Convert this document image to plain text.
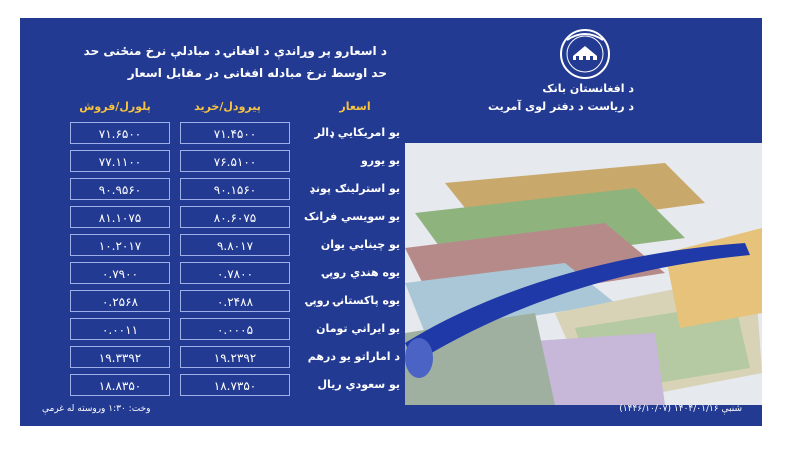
د اسعارو پر وړاندې د افغانۍ د مبادلې نرخ منځنی حد
حد اوسط نرخ مبادله افغانی در مقابل اسعار
اسعار
پیرودل/خرید
پلورل/فروش
یو امریکایي ډالر
۷۱.۴۵۰۰
۷۱.۶۵۰۰
یو یورو
۷۶.۵۱۰۰
۷۷.۱۱۰۰
یو استرلینګ پونډ
۹۰.۱۵۶۰
۹۰.۹۵۶۰
یو سویسي فرانک
۸۰.۶۰۷۵
۸۱.۱۰۷۵
یو چینایي یوان
۹.۸۰۱۷
۱۰.۲۰۱۷
یوه هندي روپۍ
۰.۷۸۰۰
۰.۷۹۰۰
یوه پاکستانۍ روپۍ
۰.۲۴۸۸
۰.۲۵۶۸
یو ایراني تومان
۰.۰۰۰۵
۰.۰۰۱۱
د اماراتو یو درهم
۱۹.۲۳۹۲
۱۹.۳۳۹۲
یو سعودي ریال
۱۸.۷۳۵۰
۱۸.۸۳۵۰
د افغانستان بانک
د ریاست د دفتر لوی آمریت
وخت: ۱:۳۰ وروسته له غرمې	شنبې ۱۴۰۴/۰۱/۱۶ (۱۴۴۶/۱۰/۰۷)
